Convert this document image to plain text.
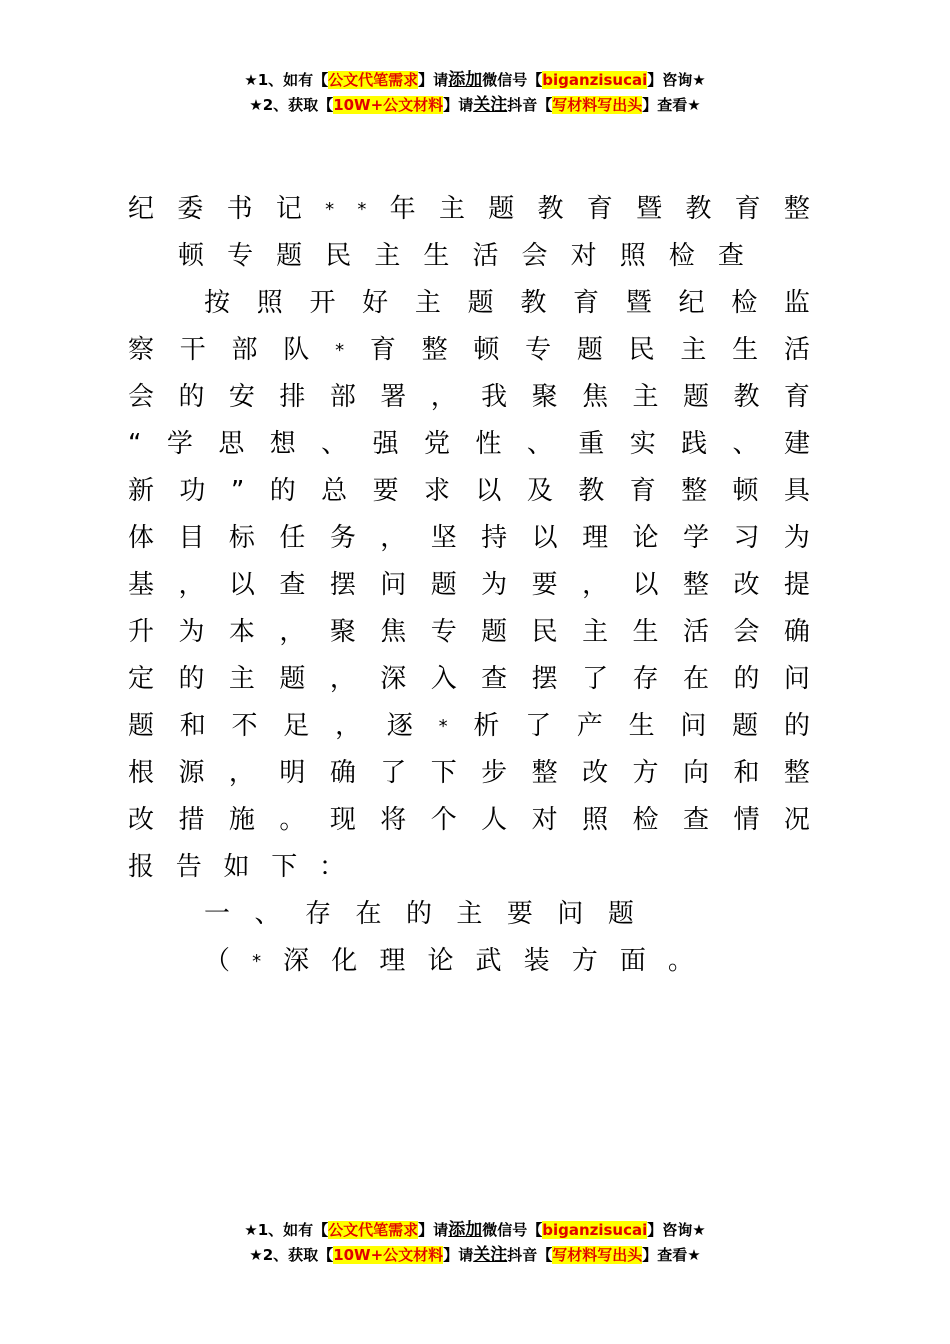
★1、如有【公文代笔需求】请添加微信号【biganzisucai】咨询★
★2、获取【10W+公文材料】请关注抖音【写材料写出头】查看★
纪 委 书 记 * * 年 主 题 教 育 暨 教 育 整
顿 专 题 民 主 生 活 会 对 照 检 查
按 照 开 好 主 题 教 育 暨 纪 检 监
察 干 部 队 * 育 整 顿 专 题 民 主 生 活
会 的 安 排 部 署 ， 我 聚 焦 主 题 教 育
“ 学 思 想 、 强 党 性 、 重 实 践 、 建
新 功 ” 的 总 要 求 以 及 教 育 整 顿 具
体 目 标 任 务 ， 坚 持 以 理 论 学 习 为
基 ， 以 查 摆 问 题 为 要 ， 以 整 改 提
升 为 本 ， 聚 焦 专 题 民 主 生 活 会 确
定 的 主 题 ， 深 入 查 摆 了 存 在 的 问
题 和 不 足 ， 逐 * 析 了 产 生 问 题 的
根 源 ， 明 确 了 下 步 整 改 方 向 和 整
改 措 施 。 现 将 个 人 对 照 检 查 情 况
报 告 如 下 ：
一 、 存 在 的 主 要 问 题
（ * 深 化 理 论 武 装 方 面 。
★1、如有【公文代笔需求】请添加微信号【biganzisucai】咨询★
★2、获取【10W+公文材料】请关注抖音【写材料写出头】查看★
